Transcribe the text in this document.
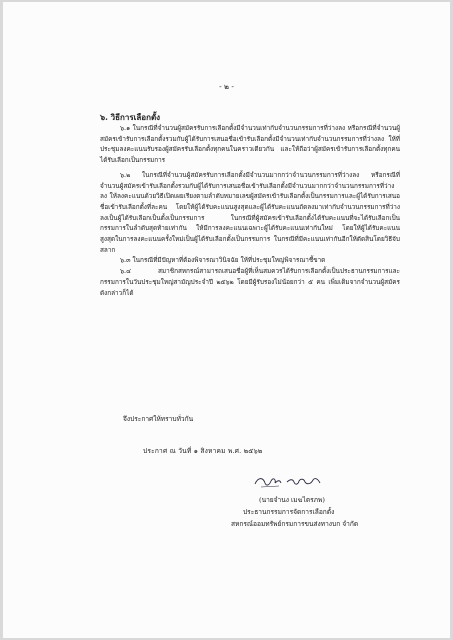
- ๒ -
๖. วิธีการเลือกตั้ง

๖.๑ ในกรณีที่จำนวนผู้สมัครรับการเลือกตั้งมีจำนวนเท่ากับจำนวนกรรมการที่ว่างลง หรือกรณีที่จำนวนผู้สมัครเข้ารับการเลือกตั้งรวมกับผู้ได้รับการเสนอชื่อเข้ารับเลือกตั้งมีจำนวนเท่ากับจำนวนกรรมการที่ว่างลง ให้ที่ประชุมลงคะแนนรับรองผู้สมัครรับเลือกตั้งทุกคนในคราวเดียวกัน และให้ถือว่าผู้สมัครเข้ารับการเลือกตั้งทุกคนได้รับเลือกเป็นกรรมการ

๖.๒ ในกรณีที่จำนวนผู้สมัครรับการเลือกตั้งมีจำนวนมากกว่าจำนวนกรรมการที่ว่างลง หรือกรณีที่จำนวนผู้สมัครเข้ารับเลือกตั้งรวมกับผู้ได้รับการเสนอชื่อเข้ารับเลือกตั้งมีจำนวนมากกว่าจำนวนกรรมการที่ว่างลง ให้ลงคะแนนด้วยวิธีเปิดเผยเรียงตามลำดับหมายเลขผู้สมัครเข้ารับเลือกตั้งเป็นกรรมการและผู้ได้รับการเสนอชื่อเข้ารับเลือกตั้งที่ละคน โดยให้ผู้ได้รับคะแนนสูงสุดและผู้ได้รับคะแนนถัดลงมาเท่ากับจำนวนกรรมการที่ว่างลงเป็นผู้ได้รับเลือกเป็นตั้งเป็นกรรมการ ในกรณีที่ผู้สมัครเข้ารับเลือกตั้งได้รับคะแนนที่จะได้รับเลือกเป็นกรรมการในลำดับสุดท้ายเท่ากัน ให้มีการลงคะแนนเฉพาะผู้ได้รับคะแนนเท่ากันใหม่ โดยให้ผู้ได้รับคะแนนสูงสุดในการลงคะแนนครั้งใหม่เป็นผู้ได้รับเลือกตั้งเป็นกรรมการ ในกรณีที่มีคะแนนเท่ากันอีกให้ตัดสินโดยวิธีจับสลาก

๖.๓ ในกรณีที่มีปัญหาที่ต้องพิจารณาวินิจฉัย ให้ที่ประชุมใหญ่พิจารณาชี้ขาด

๖.๔ สมาชิกสหกรณ์สามารถเสนอชื่อผู้ที่เห็นสมควรได้รับการเลือกตั้งเป็นประธานกรรมการและกรรมการในวันประชุมใหญ่สามัญประจำปี ๒๕๖๒ โดยมีผู้รับรองไม่น้อยกว่า ๕ คน เพิ่มเติมจากจำนวนผู้สมัครดังกล่าวก็ได้

จึงประกาศให้ทราบทั่วกัน
ประกาศ ณ วันที่ ๑ สิงหาคม พ.ศ. ๒๕๖๒
(นายจำนง เมฆไตรภพ)
ประธานกรรมการจัดการเลือกตั้ง
สหกรณ์ออมทรัพย์กรมการขนส่งทางบก จำกัด
